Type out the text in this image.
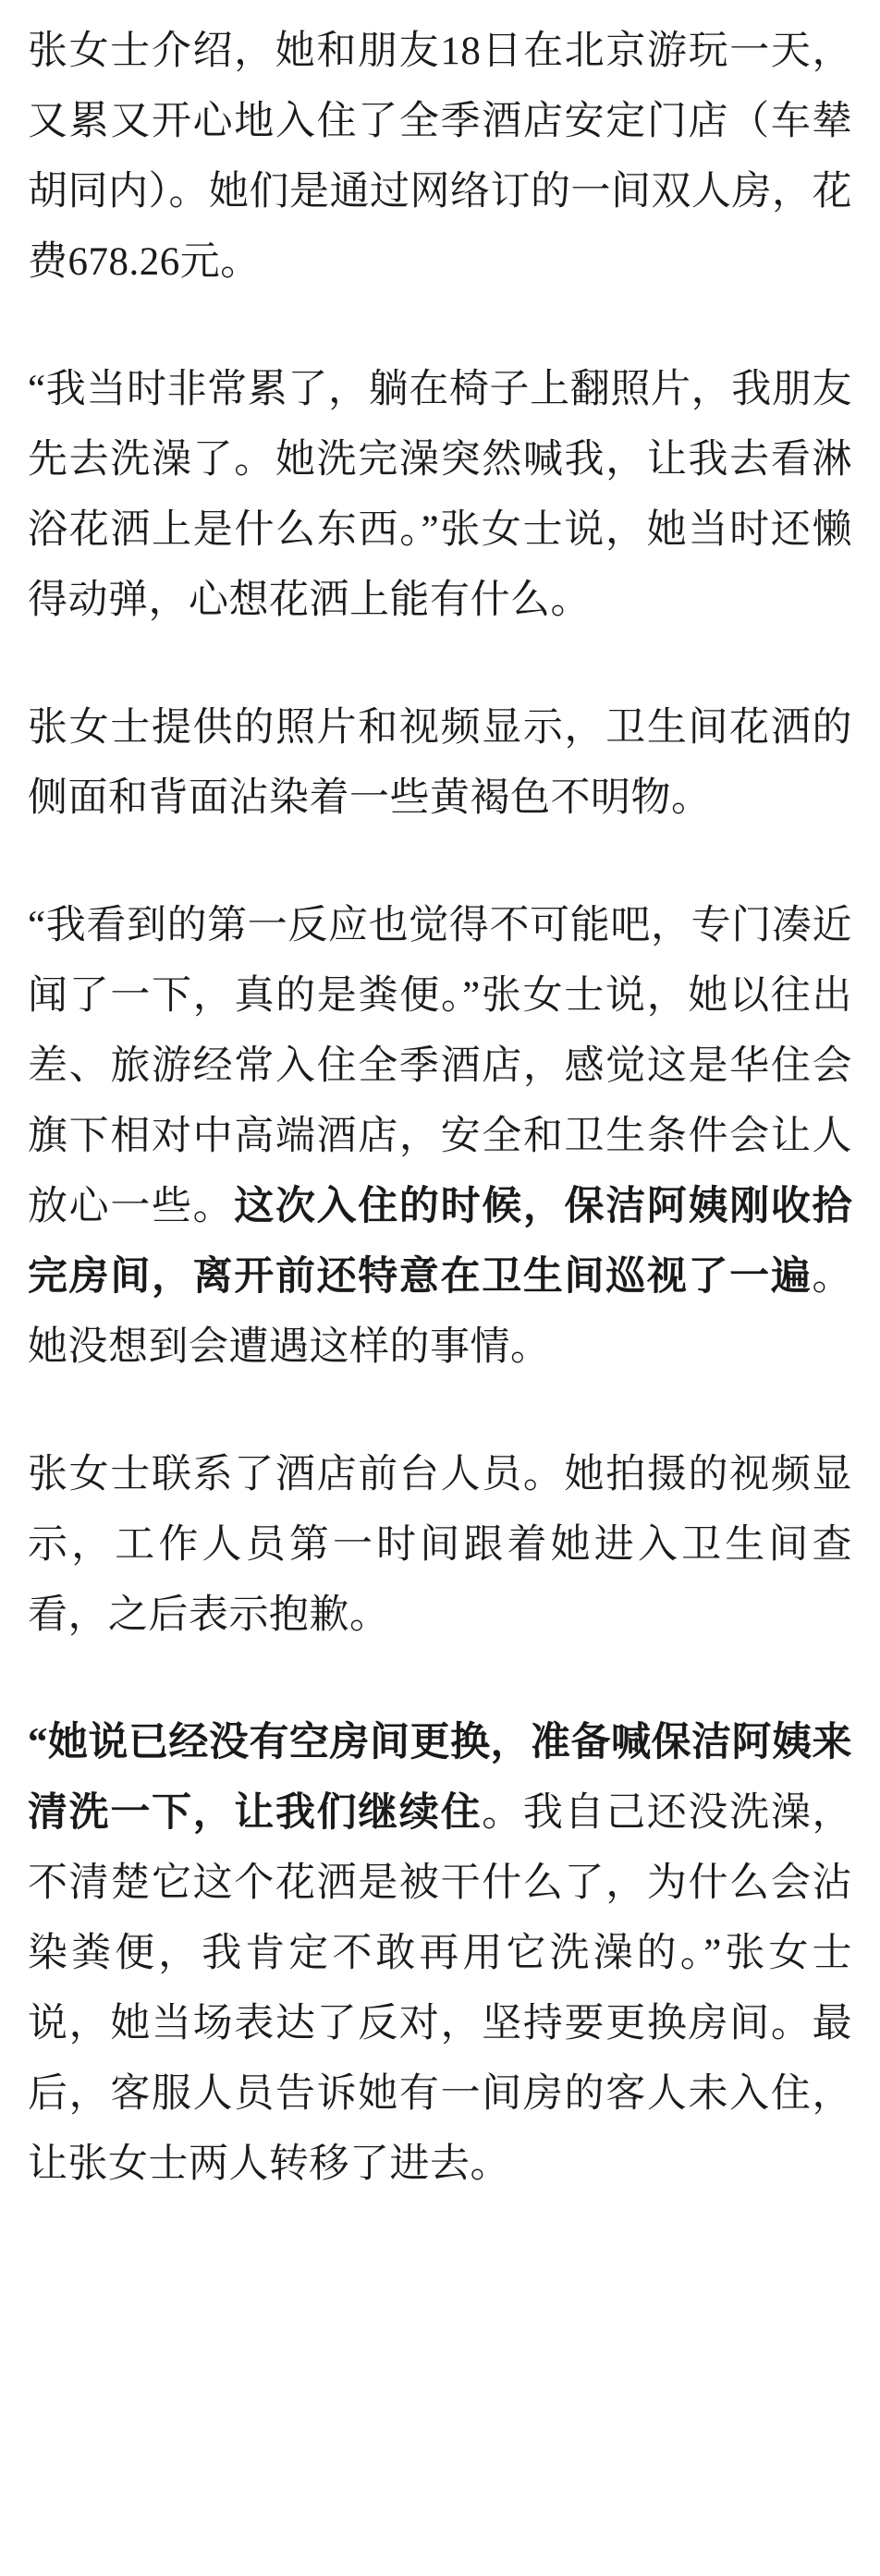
张女士介绍，她和朋友18日在北京游玩一天，又累又开心地入住了全季酒店安定门店（车辇胡同内）。她们是通过网络订的一间双人房，花费678.26元。

“我当时非常累了，躺在椅子上翻照片，我朋友先去洗澡了。她洗完澡突然喊我，让我去看淋浴花洒上是什么东西。”张女士说，她当时还懒得动弹，心想花洒上能有什么。

张女士提供的照片和视频显示，卫生间花洒的侧面和背面沾染着一些黄褐色不明物。

“我看到的第一反应也觉得不可能吧，专门凑近闻了一下，真的是粪便。”张女士说，她以往出差、旅游经常入住全季酒店，感觉这是华住会旗下相对中高端酒店，安全和卫生条件会让人放心一些。这次入住的时候，保洁阿姨刚收拾完房间，离开前还特意在卫生间巡视了一遍。她没想到会遭遇这样的事情。

张女士联系了酒店前台人员。她拍摄的视频显示，工作人员第一时间跟着她进入卫生间查看，之后表示抱歉。

“她说已经没有空房间更换，准备喊保洁阿姨来清洗一下，让我们继续住。我自己还没洗澡，不清楚它这个花洒是被干什么了，为什么会沾染粪便，我肯定不敢再用它洗澡的。”张女士说，她当场表达了反对，坚持要更换房间。最后，客服人员告诉她有一间房的客人未入住，让张女士两人转移了进去。
